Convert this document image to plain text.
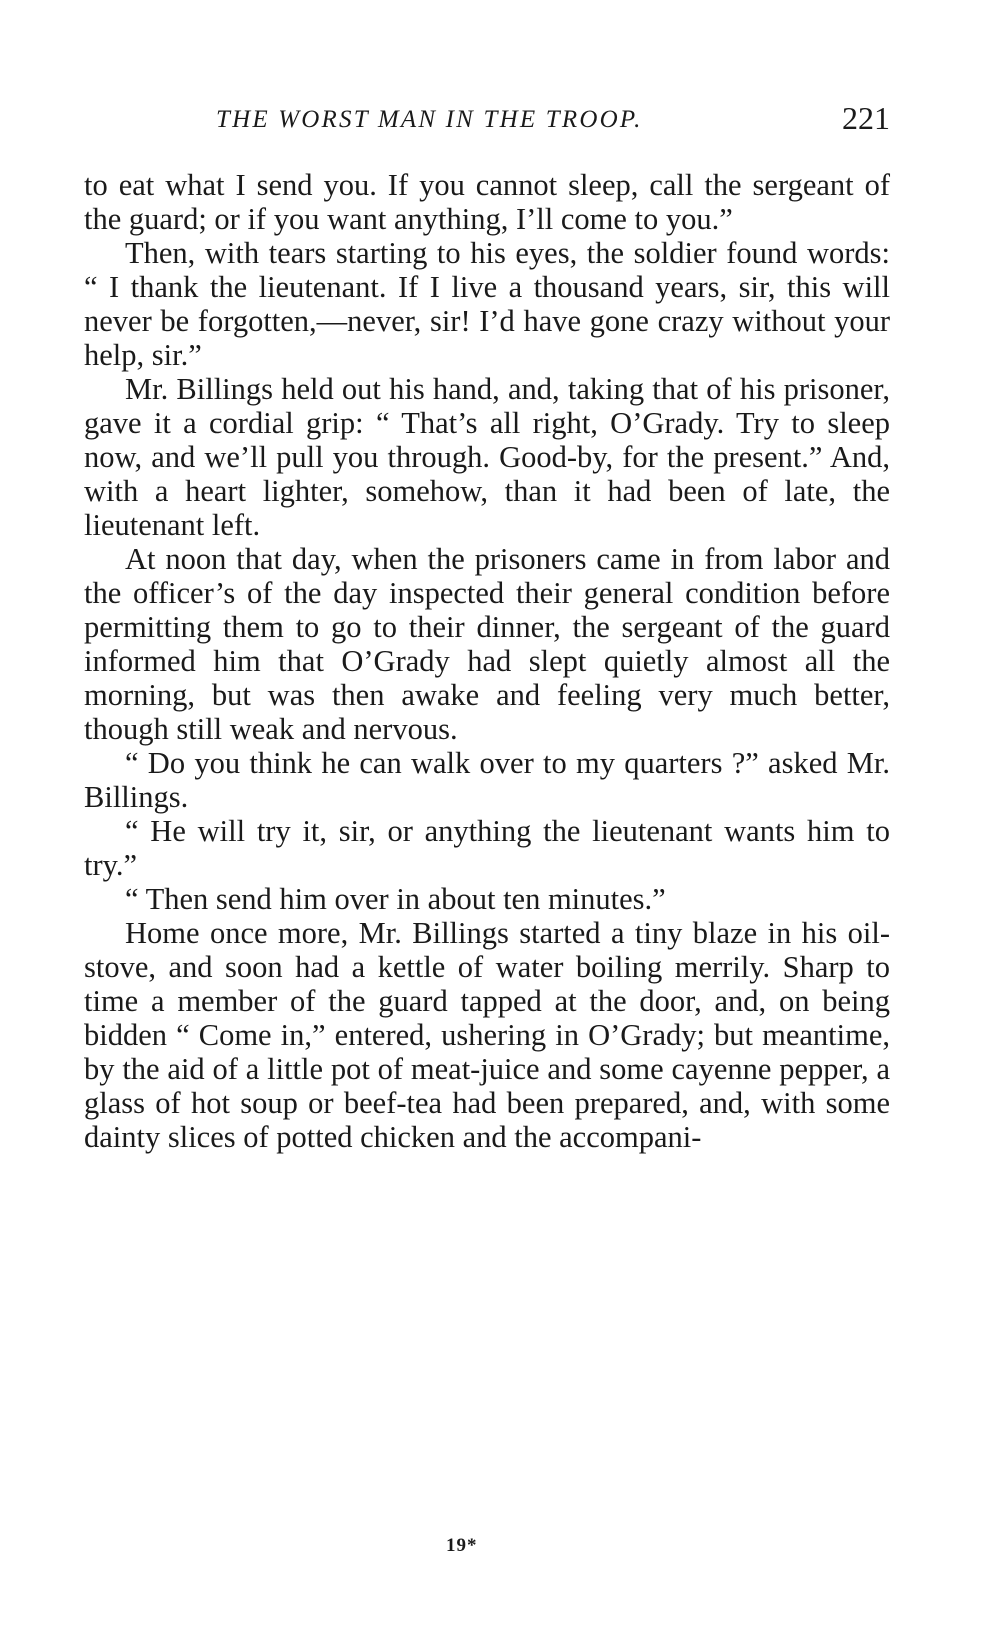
THE WORST MAN IN THE TROOP.	221

to eat what I send you. If you cannot sleep, call the sergeant of the guard; or if you want anything, I’ll come to you.”

Then, with tears starting to his eyes, the soldier found words: “ I thank the lieutenant. If I live a thousand years, sir, this will never be forgotten,—never, sir! I’d have gone crazy without your help, sir.”

Mr. Billings held out his hand, and, taking that of his prisoner, gave it a cordial grip: “ That’s all right, O’Grady. Try to sleep now, and we’ll pull you through. Good-by, for the present.” And, with a heart lighter, somehow, than it had been of late, the lieutenant left.

At noon that day, when the prisoners came in from labor and the officer’s of the day inspected their general condition before permitting them to go to their dinner, the sergeant of the guard informed him that O’Grady had slept quietly almost all the morning, but was then awake and feeling very much better, though still weak and nervous.

“ Do you think he can walk over to my quarters ?” asked Mr. Billings.

“ He will try it, sir, or anything the lieutenant wants him to try.”

“ Then send him over in about ten minutes.”

Home once more, Mr. Billings started a tiny blaze in his oil-stove, and soon had a kettle of water boiling merrily. Sharp to time a member of the guard tapped at the door, and, on being bidden “ Come in,” entered, ushering in O’Grady; but meantime, by the aid of a little pot of meat-juice and some cayenne pepper, a glass of hot soup or beef-tea had been prepared, and, with some dainty slices of potted chicken and the accompani-

19*
